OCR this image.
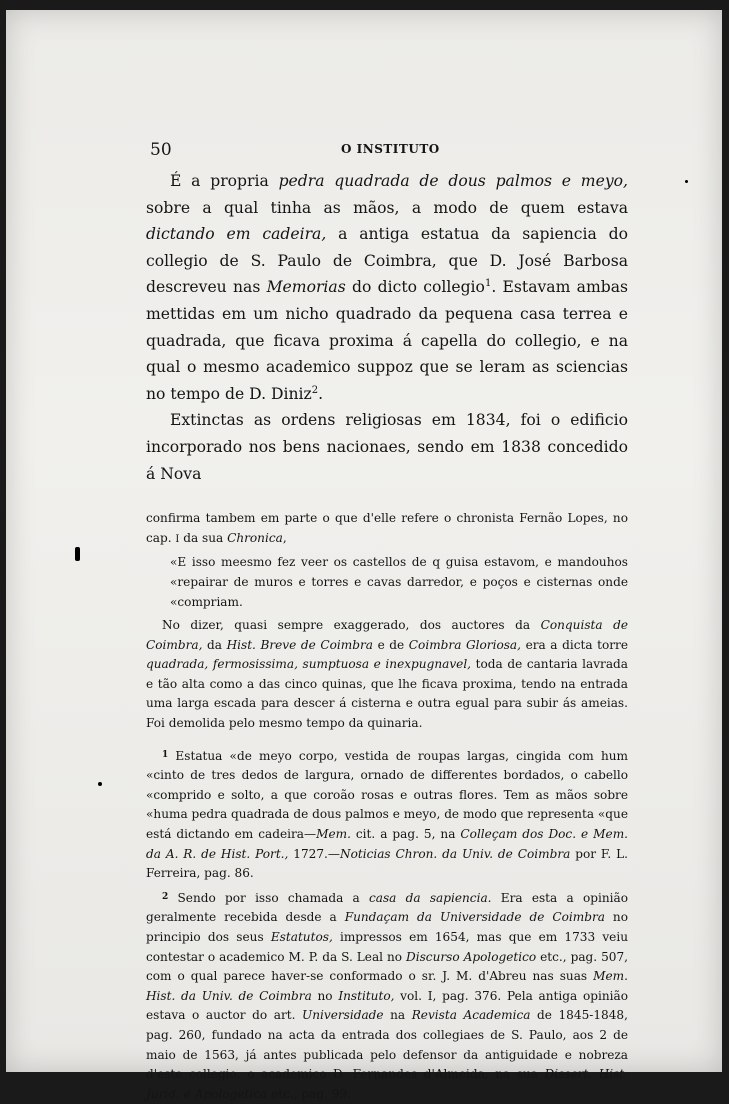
50	O INSTITUTO

É a propria pedra quadrada de dous palmos e meyo, sobre a qual tinha as mãos, a modo de quem estava dictando em cadeira, a antiga estatua da sapiencia do collegio de S. Paulo de Coimbra, que D. José Barbosa descreveu nas Memorias do dicto collegio$^1$. Estavam ambas mettidas em um nicho quadrado da pequena casa terrea e quadrada, que ficava proxima á capella do collegio, e na qual o mesmo academico suppoz que se leram as sciencias no tempo de D. Diniz$^2$.

Extinctas as ordens religiosas em 1834, foi o edificio incorporado nos bens nacionaes, sendo em 1838 concedido á Nova

confirma tambem em parte o que d'elle refere o chronista Fernão Lopes, no cap. I da sua Chronica,

«E isso meesmo fez veer os castellos de q guisa estavom, e mandouhos «repairar de muros e torres e cavas darredor, e poços e cisternas onde «compriam.

No dizer, quasi sempre exaggerado, dos auctores da Conquista de Coimbra, da Hist. Breve de Coimbra e de Coimbra Gloriosa, era a dicta torre quadrada, fermosissima, sumptuosa e inexpugnavel, toda de cantaria lavrada e tão alta como a das cinco quinas, que lhe ficava proxima, tendo na entrada uma larga escada para descer á cisterna e outra egual para subir ás ameias. Foi demolida pelo mesmo tempo da quinaria.

$^1$ Estatua «de meyo corpo, vestida de roupas largas, cingida com hum «cinto de tres dedos de largura, ornado de differentes bordados, o cabello «comprido e solto, a que coroão rosas e outras flores. Tem as mãos sobre «huma pedra quadrada de dous palmos e meyo, de modo que representa «que está dictando em cadeira—Mem. cit. a pag. 5, na Colleçam dos Doc. e Mem. da A. R. de Hist. Port., 1727.—Noticias Chron. da Univ. de Coimbra por F. L. Ferreira, pag. 86.

$^2$ Sendo por isso chamada a casa da sapiencia. Era esta a opinião geralmente recebida desde a Fundaçam da Universidade de Coimbra no principio dos seus Estatutos, impressos em 1654, mas que em 1733 veiu contestar o academico M. P. da S. Leal no Discurso Apologetico etc., pag. 507, com o qual parece haver-se conformado o sr. J. M. d'Abreu nas suas Mem. Hist. da Univ. de Coimbra no Instituto, vol. I, pag. 376. Pela antiga opinião estava o auctor do art. Universidade na Revista Academica de 1845-1848, pag. 260, fundado na acta da entrada dos collegiaes de S. Paulo, aos 2 de maio de 1563, já antes publicada pelo defensor da antiguidade e nobreza d'este collegio, o academico D. Fernandes d'Almeida, na sua Dissert. Hist. Jurid. e Apologetica etc., pag. 99.
